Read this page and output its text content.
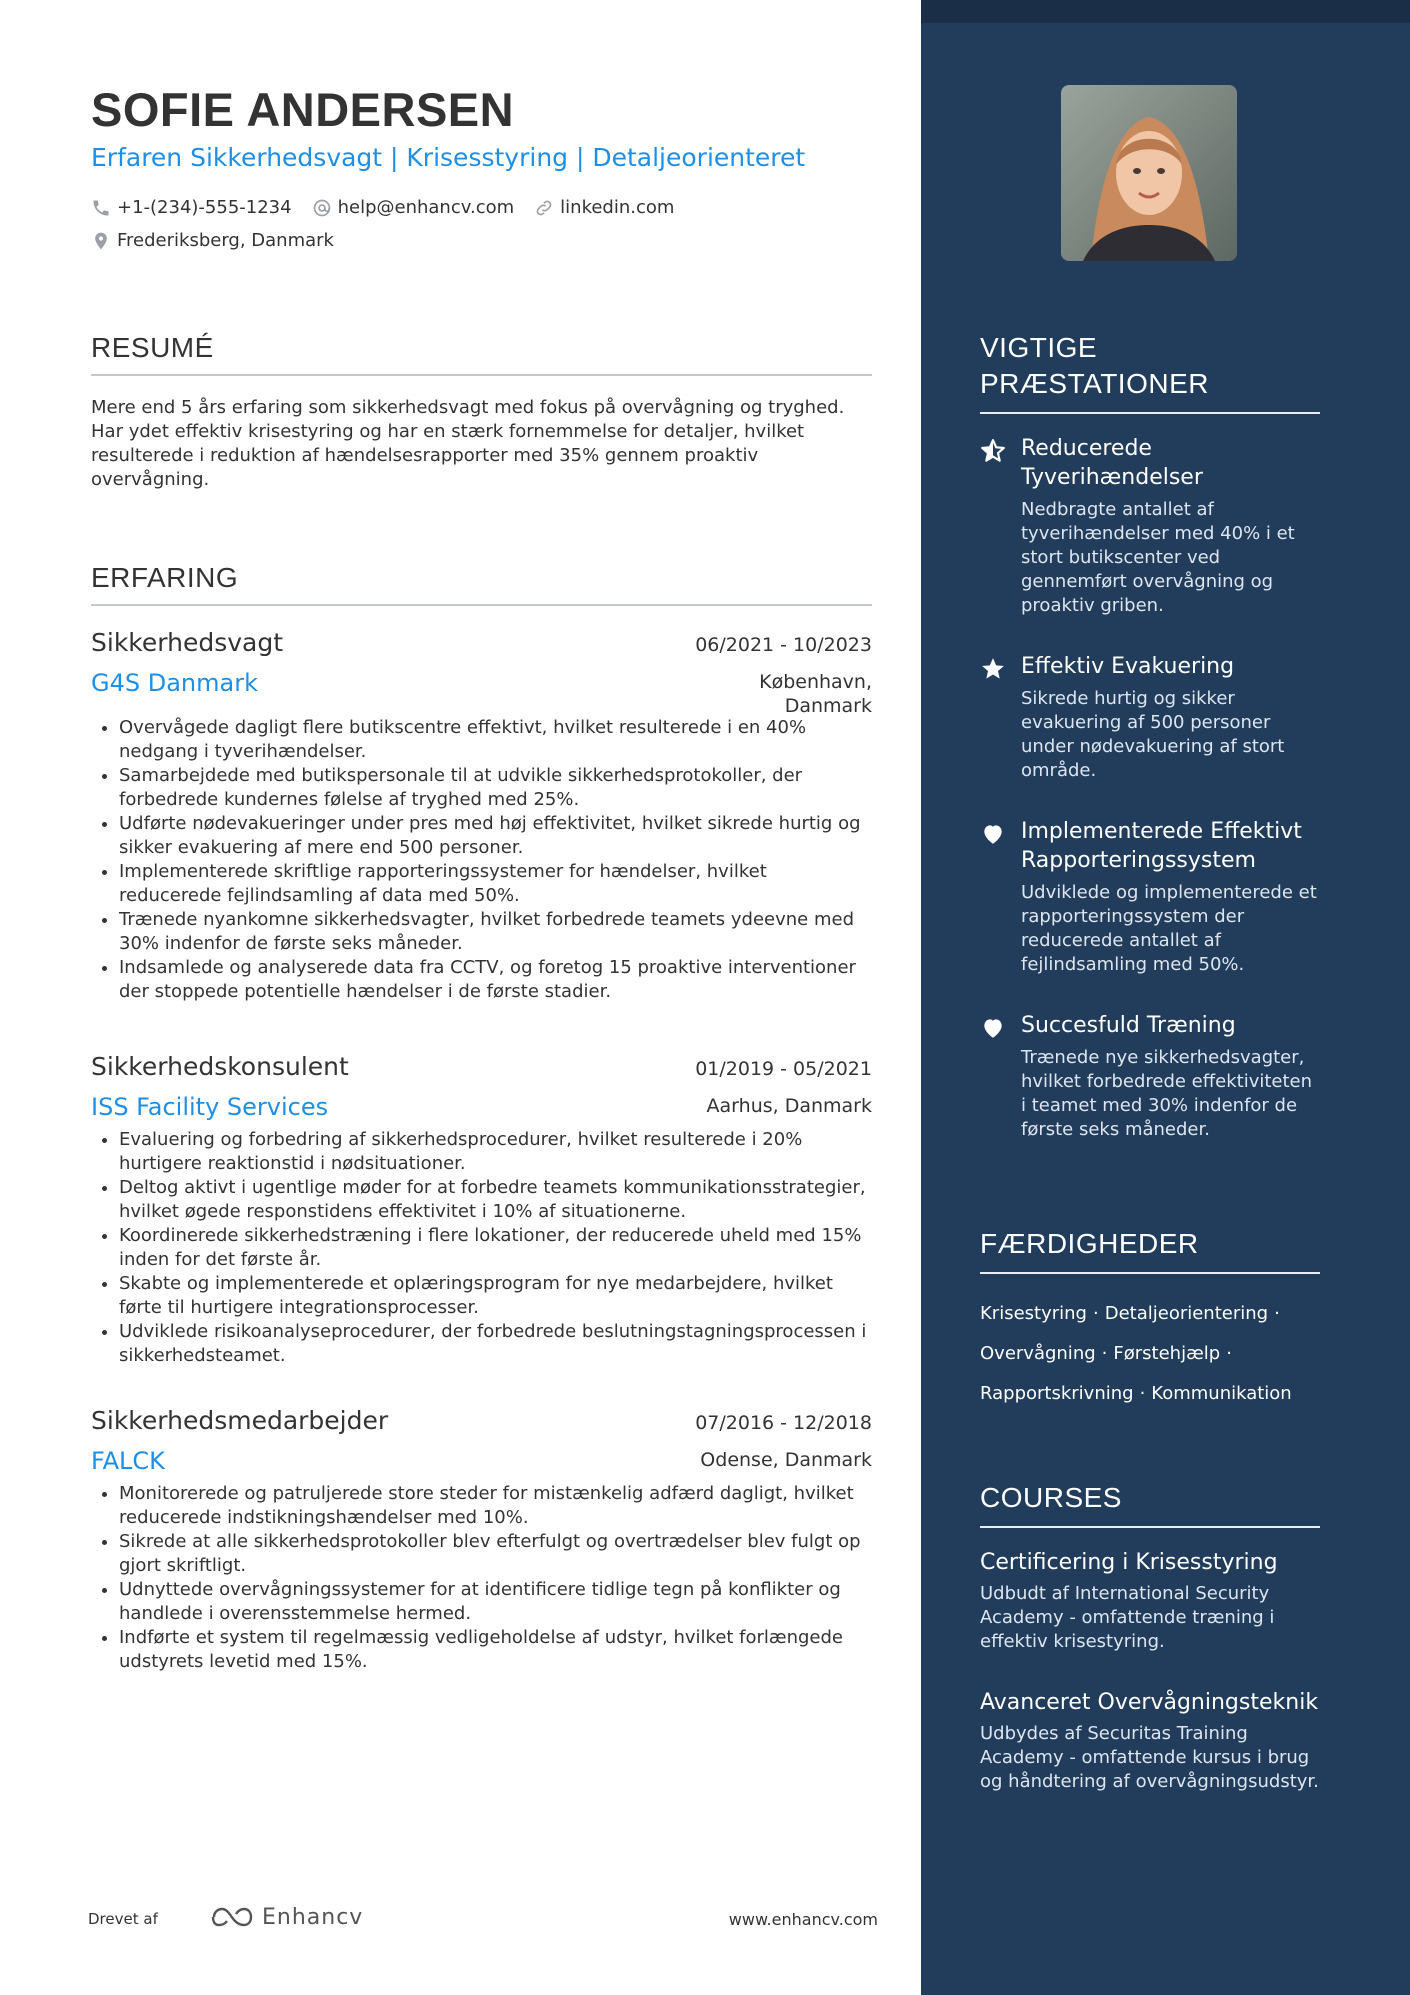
SOFIE ANDERSEN
Erfaren Sikkerhedsvagt | Krisesstyring | Detaljeorienteret
+1-(234)-555-1234	help@enhancv.com	linkedin.com
Frederiksberg, Danmark
RESUMÉ
Mere end 5 års erfaring som sikkerhedsvagt med fokus på overvågning og tryghed. Har ydet effektiv krisestyring og har en stærk fornemmelse for detaljer, hvilket resulterede i reduktion af hændelsesrapporter med 35% gennem proaktiv overvågning.
ERFARING
Sikkerhedsvagt	06/2021 - 10/2023
G4S Danmark	København,
Danmark
• Overvågede dagligt flere butikscentre effektivt, hvilket resulterede i en 40% nedgang i tyverihændelser.
• Samarbejdede med butikspersonale til at udvikle sikkerhedsprotokoller, der forbedrede kundernes følelse af tryghed med 25%.
• Udførte nødevakueringer under pres med høj effektivitet, hvilket sikrede hurtig og sikker evakuering af mere end 500 personer.
• Implementerede skriftlige rapporteringssystemer for hændelser, hvilket reducerede fejlindsamling af data med 50%.
• Trænede nyankomne sikkerhedsvagter, hvilket forbedrede teamets ydeevne med 30% indenfor de første seks måneder.
• Indsamlede og analyserede data fra CCTV, og foretog 15 proaktive interventioner der stoppede potentielle hændelser i de første stadier.
Sikkerhedskonsulent	01/2019 - 05/2021
ISS Facility Services	Aarhus, Danmark
• Evaluering og forbedring af sikkerhedsprocedurer, hvilket resulterede i 20% hurtigere reaktionstid i nødsituationer.
• Deltog aktivt i ugentlige møder for at forbedre teamets kommunikationsstrategier, hvilket øgede responstidens effektivitet i 10% af situationerne.
• Koordinerede sikkerhedstræning i flere lokationer, der reducerede uheld med 15% inden for det første år.
• Skabte og implementerede et oplæringsprogram for nye medarbejdere, hvilket førte til hurtigere integrationsprocesser.
• Udviklede risikoanalyseprocedurer, der forbedrede beslutningstagningsprocessen i sikkerhedsteamet.
Sikkerhedsmedarbejder	07/2016 - 12/2018
FALCK	Odense, Danmark
• Monitorerede og patruljerede store steder for mistænkelig adfærd dagligt, hvilket reducerede indstikningshændelser med 10%.
• Sikrede at alle sikkerhedsprotokoller blev efterfulgt og overtrædelser blev fulgt op gjort skriftligt.
• Udnyttede overvågningssystemer for at identificere tidlige tegn på konflikter og handlede i overensstemmelse hermed.
• Indførte et system til regelmæssig vedligeholdelse af udstyr, hvilket forlængede udstyrets levetid med 15%.
Drevet af	Enhancv	www.enhancv.com
VIGTIGE
PRÆSTATIONER
Reducerede Tyverihændelser
Nedbragte antallet af tyverihændelser med 40% i et stort butikscenter ved gennemført overvågning og proaktiv griben.
Effektiv Evakuering
Sikrede hurtig og sikker evakuering af 500 personer under nødevakuering af stort område.
Implementerede Effektivt Rapporteringssystem
Udviklede og implementerede et rapporteringssystem der reducerede antallet af fejlindsamling med 50%.
Succesfuld Træning
Trænede nye sikkerhedsvagter, hvilket forbedrede effektiviteten i teamet med 30% indenfor de første seks måneder.
FÆRDIGHEDER
Krisestyring · Detaljeorientering ·
Overvågning · Førstehjælp ·
Rapportskrivning · Kommunikation
COURSES
Certificering i Krisesstyring
Udbudt af International Security Academy - omfattende træning i effektiv krisestyring.
Avanceret Overvågningsteknik
Udbydes af Securitas Training Academy - omfattende kursus i brug og håndtering af overvågningsudstyr.
